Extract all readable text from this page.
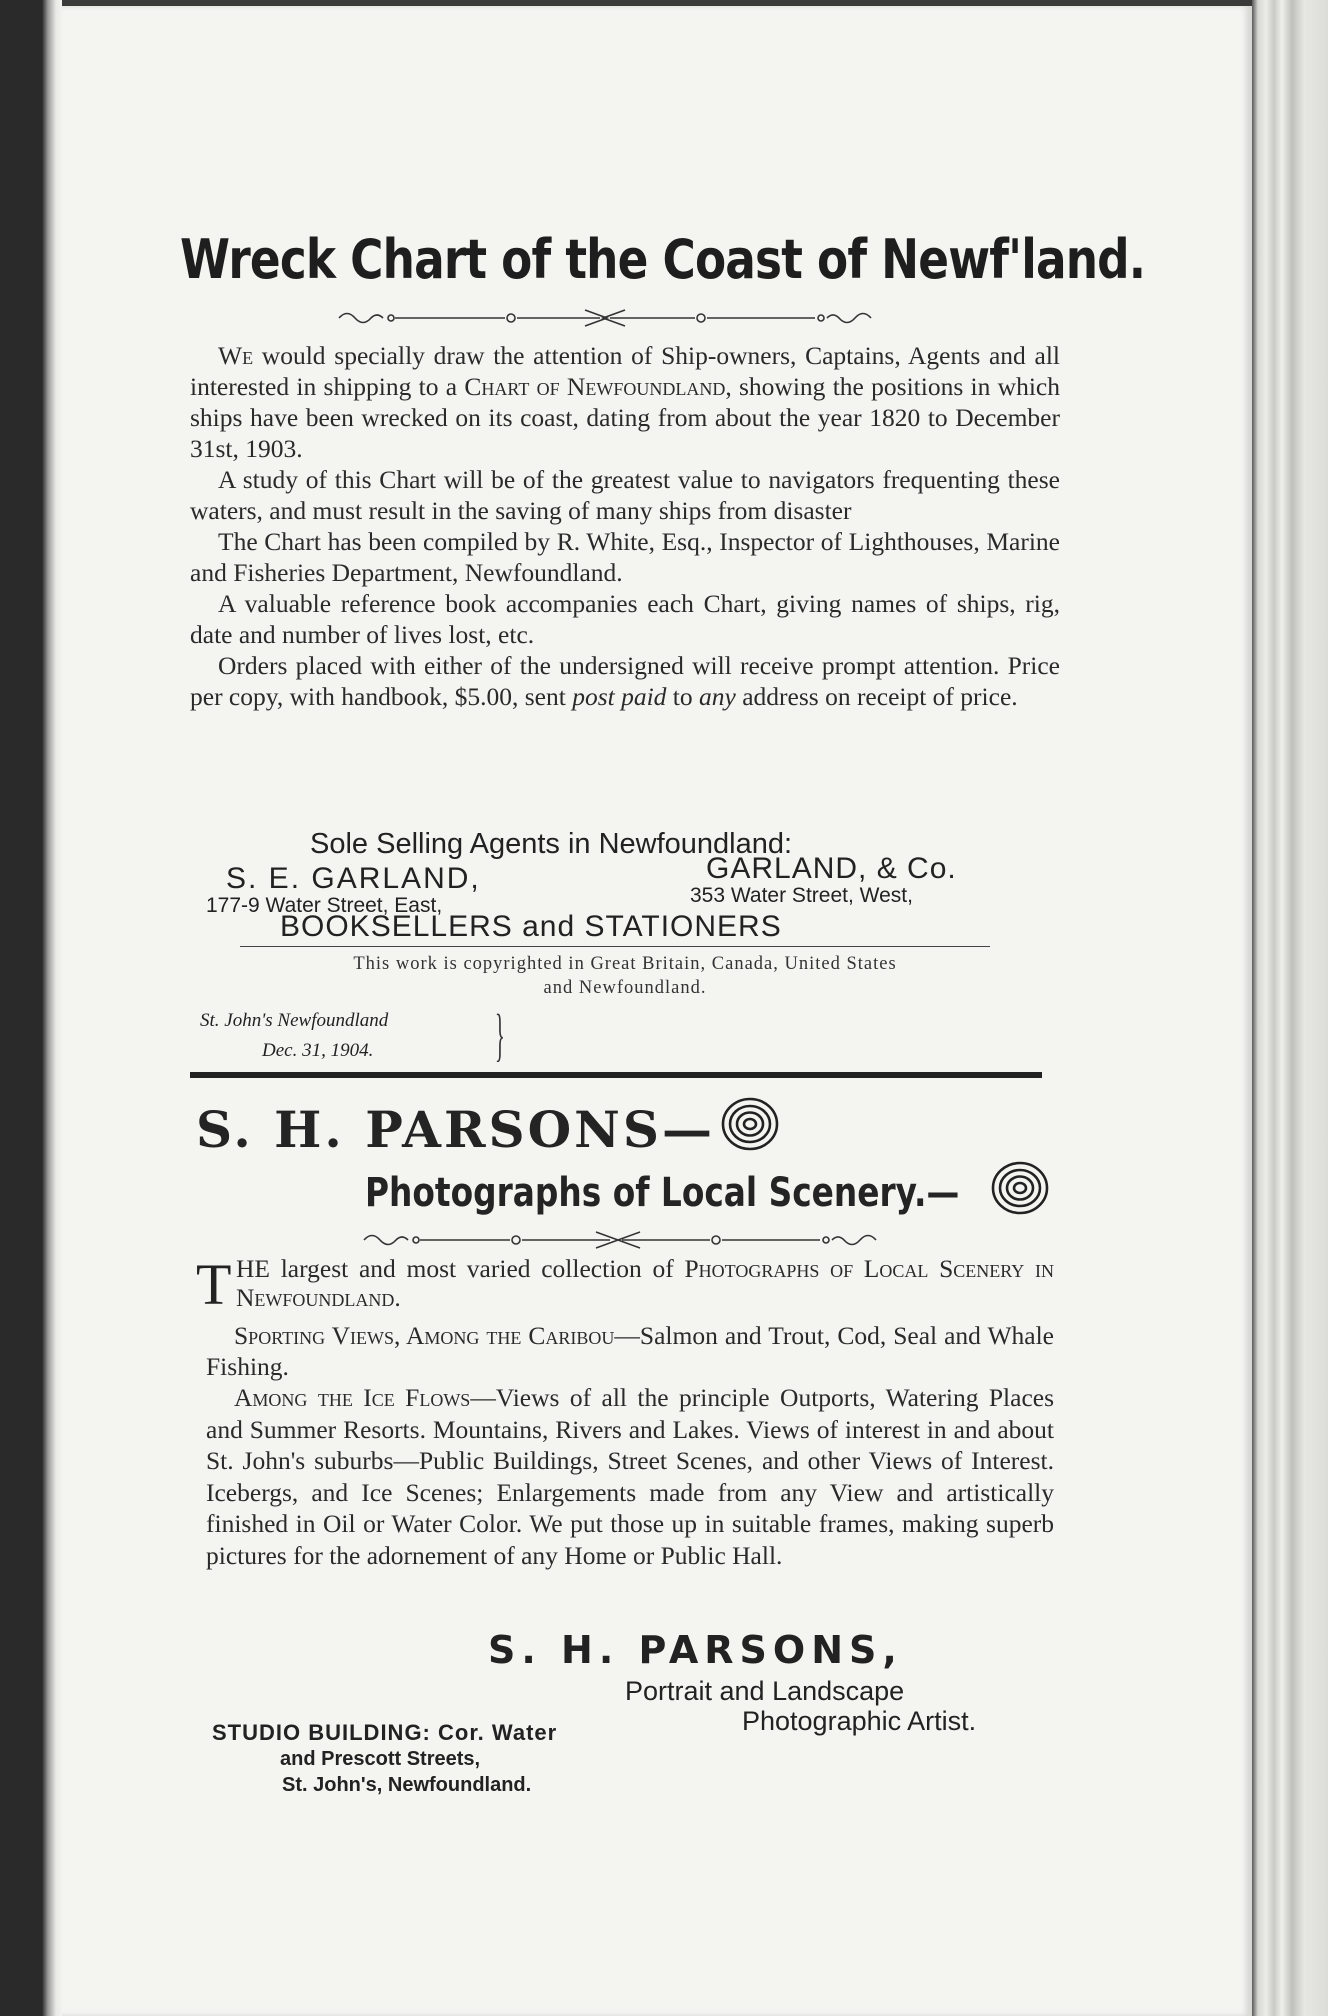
Wreck Chart of the Coast of Newf'land.

We would specially draw the attention of Ship-owners, Captains, Agents and all interested in shipping to a Chart of Newfoundland, showing the positions in which ships have been wrecked on its coast, dating from about the year 1820 to December 31st, 1903.

A study of this Chart will be of the greatest value to navigators frequenting these waters, and must result in the saving of many ships from disaster

The Chart has been compiled by R. White, Esq., Inspector of Lighthouses, Marine and Fisheries Department, Newfoundland.

A valuable reference book accompanies each Chart, giving names of ships, rig, date and number of lives lost, etc.

Orders placed with either of the undersigned will receive prompt attention. Price per copy, with handbook, $5.00, sent post paid to any address on receipt of price.

Sole Selling Agents in Newfoundland:
S. E. GARLAND,	GARLAND, & Co.
177-9 Water Street, East,	353 Water Street, West,
BOOKSELLERS and STATIONERS
This work is copyrighted in Great Britain, Canada, United States
and Newfoundland.
St. John's Newfoundland
Dec. 31, 1904. }
S. H. PARSONS—
Photographs of Local Scenery.—
T HE largest and most varied collection of Photographs of Local Scenery in Newfoundland.

Sporting Views, Among the Caribou—Salmon and Trout, Cod, Seal and Whale Fishing.

Among the Ice Flows—Views of all the principle Outports, Watering Places and Summer Resorts. Mountains, Rivers and Lakes. Views of interest in and about St. John's suburbs—Public Buildings, Street Scenes, and other Views of Interest. Icebergs, and Ice Scenes; Enlargements made from any View and artistically finished in Oil or Water Color. We put those up in suitable frames, making superb pictures for the adornement of any Home or Public Hall.

S. H. PARSONS,
Portrait and Landscape
Photographic Artist.
STUDIO BUILDING: Cor. Water
and Prescott Streets,
St. John's, Newfoundland.
